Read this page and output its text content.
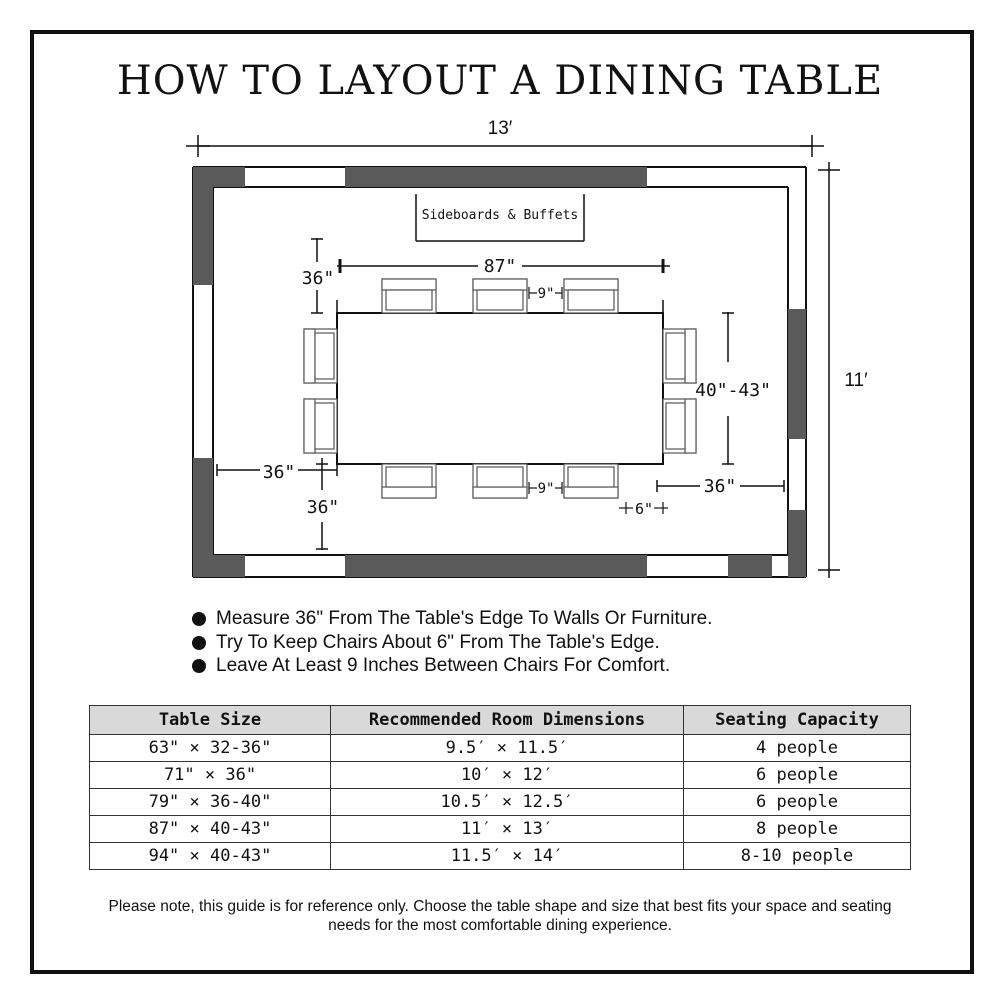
HOW TO LAYOUT A DINING TABLE
13′
11′
Sideboards & Buffets
87"
36"
9"
40"-43"
36"
36"
9"	36"
6"
Measure 36" From The Table's Edge To Walls Or Furniture.
Try To Keep Chairs About 6" From The Table's Edge.
Leave At Least 9 Inches Between Chairs For Comfort.
Table Size	Recommended Room Dimensions	Seating Capacity
63" × 32-36"	9.5′ × 11.5′	4 people
71" × 36"	10′ × 12′	6 people
79" × 36-40"	10.5′ × 12.5′	6 people
87" × 40-43"	11′ × 13′	8 people
94" × 40-43"	11.5′ × 14′	8-10 people
Please note, this guide is for reference only. Choose the table shape and size that best fits your space and seating needs for the most comfortable dining experience.
